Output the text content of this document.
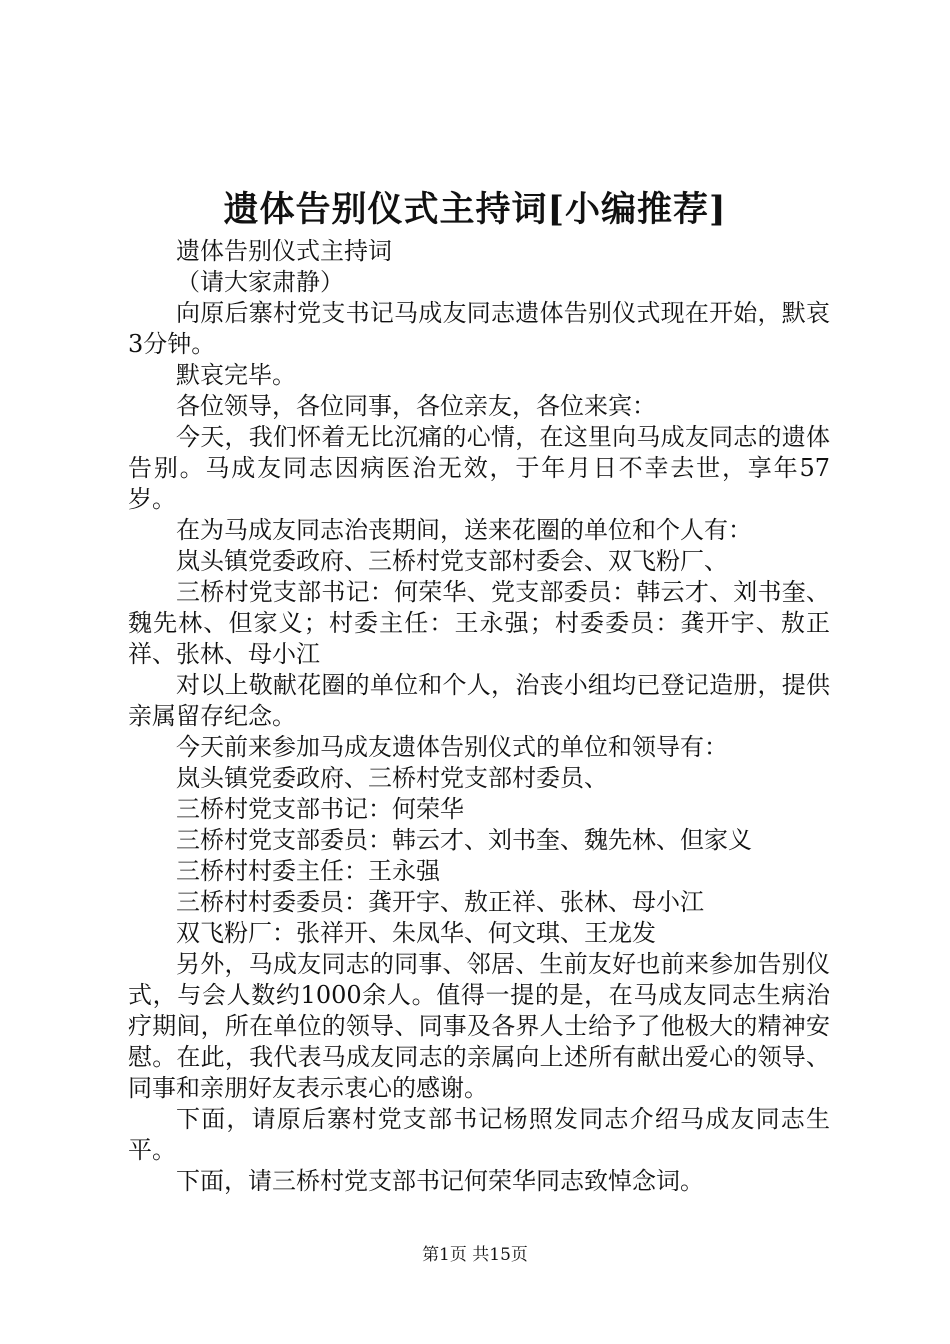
遗体告别仪式主持词[小编推荐]

遗体告别仪式主持词

（请大家肃静）

向原后寨村党支书记马成友同志遗体告别仪式现在开始，默哀3分钟。

默哀完毕。

各位领导，各位同事，各位亲友，各位来宾：

今天，我们怀着无比沉痛的心情，在这里向马成友同志的遗体告别。马成友同志因病医治无效，于年月日不幸去世，享年57岁。

在为马成友同志治丧期间，送来花圈的单位和个人有：

岚头镇党委政府、三桥村党支部村委会、双飞粉厂、

三桥村党支部书记：何荣华、党支部委员：韩云才、刘书奎、魏先林、但家义；村委主任：王永强；村委委员：龚开宇、敖正祥、张林、母小江

对以上敬献花圈的单位和个人，治丧小组均已登记造册，提供亲属留存纪念。

今天前来参加马成友遗体告别仪式的单位和领导有：

岚头镇党委政府、三桥村党支部村委员、

三桥村党支部书记：何荣华

三桥村党支部委员：韩云才、刘书奎、魏先林、但家义

三桥村村委主任：王永强

三桥村村委委员：龚开宇、敖正祥、张林、母小江

双飞粉厂：张祥开、朱凤华、何文琪、王龙发

另外，马成友同志的同事、邻居、生前友好也前来参加告别仪式，与会人数约1000余人。值得一提的是，在马成友同志生病治疗期间，所在单位的领导、同事及各界人士给予了他极大的精神安慰。在此，我代表马成友同志的亲属向上述所有献出爱心的领导、同事和亲朋好友表示衷心的感谢。

下面，请原后寨村党支部书记杨照发同志介绍马成友同志生平。

下面，请三桥村党支部书记何荣华同志致悼念词。

第1页 共15页
